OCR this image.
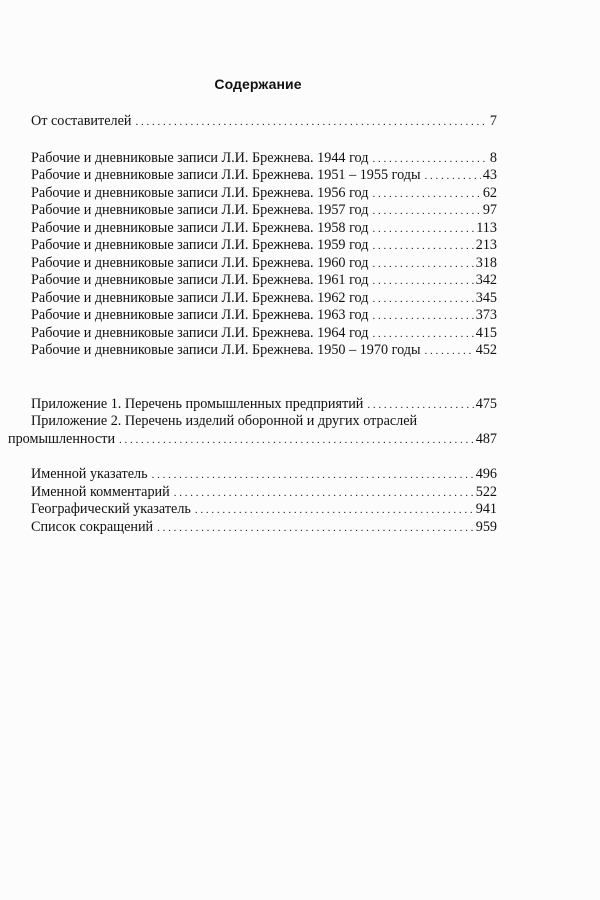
Содержание
От составителей . . .	7
Рабочие и дневниковые записи Л.И. Брежнева. 1944 год . . .	8
Рабочие и дневниковые записи Л.И. Брежнева. 1951 – 1955 годы . . .	43
Рабочие и дневниковые записи Л.И. Брежнева. 1956 год . . .	62
Рабочие и дневниковые записи Л.И. Брежнева. 1957 год . . .	97
Рабочие и дневниковые записи Л.И. Брежнева. 1958 год . . .	113
Рабочие и дневниковые записи Л.И. Брежнева. 1959 год . . .	213
Рабочие и дневниковые записи Л.И. Брежнева. 1960 год . . .	318
Рабочие и дневниковые записи Л.И. Брежнева. 1961 год . . .	342
Рабочие и дневниковые записи Л.И. Брежнева. 1962 год . . .	345
Рабочие и дневниковые записи Л.И. Брежнева. 1963 год . . .	373
Рабочие и дневниковые записи Л.И. Брежнева. 1964 год . . .	415
Рабочие и дневниковые записи Л.И. Брежнева. 1950 – 1970 годы . . .	452
Приложение 1. Перечень промышленных предприятий . . .	475
Приложение 2. Перечень изделий оборонной и других отраслей
промышленности . . .	487
Именной указатель . . .	496
Именной комментарий . . .	522
Географический указатель . . .	941
Список сокращений . . .	959
